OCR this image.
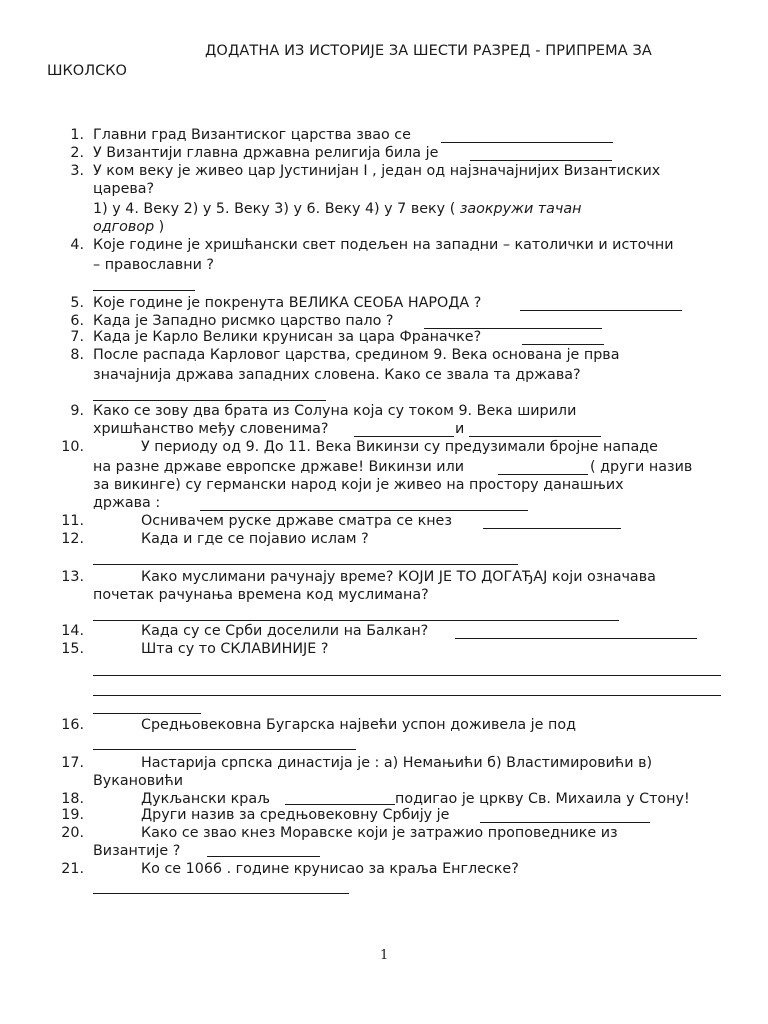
ДОДАТНА ИЗ ИСТОРИЈЕ ЗА ШЕСТИ РАЗРЕД - ПРИПРЕМА ЗА
ШКОЛСКО
1. Главни град Византиског царства звао се
2. У Византији главна државна религија била је
3. У ком веку је живео цар Јустинијан I , један од најзначајнијих Византиских
царева?
1) у 4. Веку 2) у 5. Веку 3) у 6. Веку 4) у 7 веку ( заокружи тачан
одговор )
4. Које године је хришћански свет подељен на западни – католички и источни
– православни ?
5. Које године је покренута ВЕЛИКА СЕОБА НАРОДА ?
6. Када је Западно рисмко царство пало ?
7. Када је Карло Велики крунисан за цара Франачке?
8. После распада Карловог царства, средином 9. Века основана је прва
значајнија држава западних словена. Како се звала та држава?
9. Како се зову два брата из Солуна која су током 9. Века ширили
хришћанство међу словенима?	и
10.	У периоду од 9. До 11. Века Викинзи су предузимали бројне нападе
на разне државе европске државе! Викинзи или	( други назив
за викинге) су германски народ који је живео на простору данашњих
држава :
11.	Оснивачем руске државе сматра се кнез
12.	Када и где се појавио ислам ?
13.	Како муслимани рачунају време? КОЈИ ЈЕ ТО ДОГАЂАЈ који означава
почетак рачунања времена код муслимана?
14.	Када су се Срби доселили на Балкан?
15.	Шта су то СКЛАВИНИЈЕ ?
16.	Средњовековна Бугарска највећи успон доживела је под
17.	Настарија српска династија је : а) Немањићи б) Властимировићи в)
Вукановићи
18.	Дукљански краљ	подигао је цркву Св. Михаила у Стону!
19.	Други назив за средњовековну Србију је
20.	Како се звао кнез Моравске који је затражио проповеднике из
Византије ?
21.	Ко се 1066 . године крунисао за краља Енглеске?
1
